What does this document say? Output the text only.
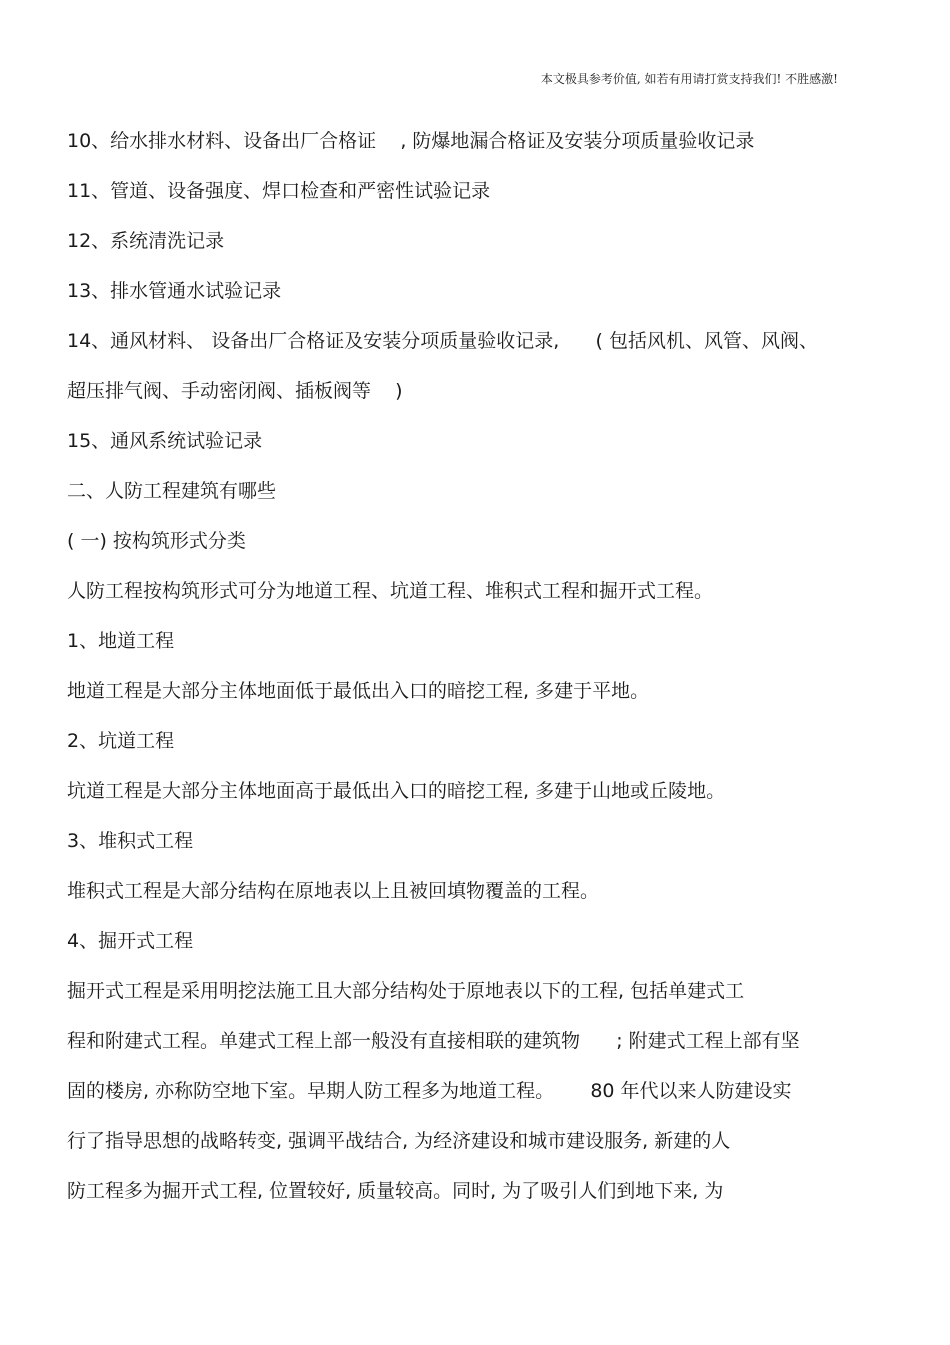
本文极具参考价值, 如若有用请打赏支持我们! 不胜感激!
10、给水排水材料、设备出厂合格证    , 防爆地漏合格证及安装分项质量验收记录
11、管道、设备强度、焊口检查和严密性试验记录
12、系统清洗记录
13、排水管通水试验记录
14、通风材料、 设备出厂合格证及安装分项质量验收记录,      ( 包括风机、风管、风阀、
超压排气阀、手动密闭阀、插板阀等    )
15、通风系统试验记录
二、人防工程建筑有哪些
( 一) 按构筑形式分类
人防工程按构筑形式可分为地道工程、坑道工程、堆积式工程和掘开式工程。
1、地道工程
地道工程是大部分主体地面低于最低出入口的暗挖工程, 多建于平地。
2、坑道工程
坑道工程是大部分主体地面高于最低出入口的暗挖工程, 多建于山地或丘陵地。
3、堆积式工程
堆积式工程是大部分结构在原地表以上且被回填物覆盖的工程。
4、掘开式工程
掘开式工程是采用明挖法施工且大部分结构处于原地表以下的工程, 包括单建式工
程和附建式工程。单建式工程上部一般没有直接相联的建筑物      ; 附建式工程上部有坚
固的楼房, 亦称防空地下室。早期人防工程多为地道工程。      80 年代以来人防建设实
行了指导思想的战略转变, 强调平战结合, 为经济建设和城市建设服务, 新建的人
防工程多为掘开式工程, 位置较好, 质量较高。同时, 为了吸引人们到地下来, 为
